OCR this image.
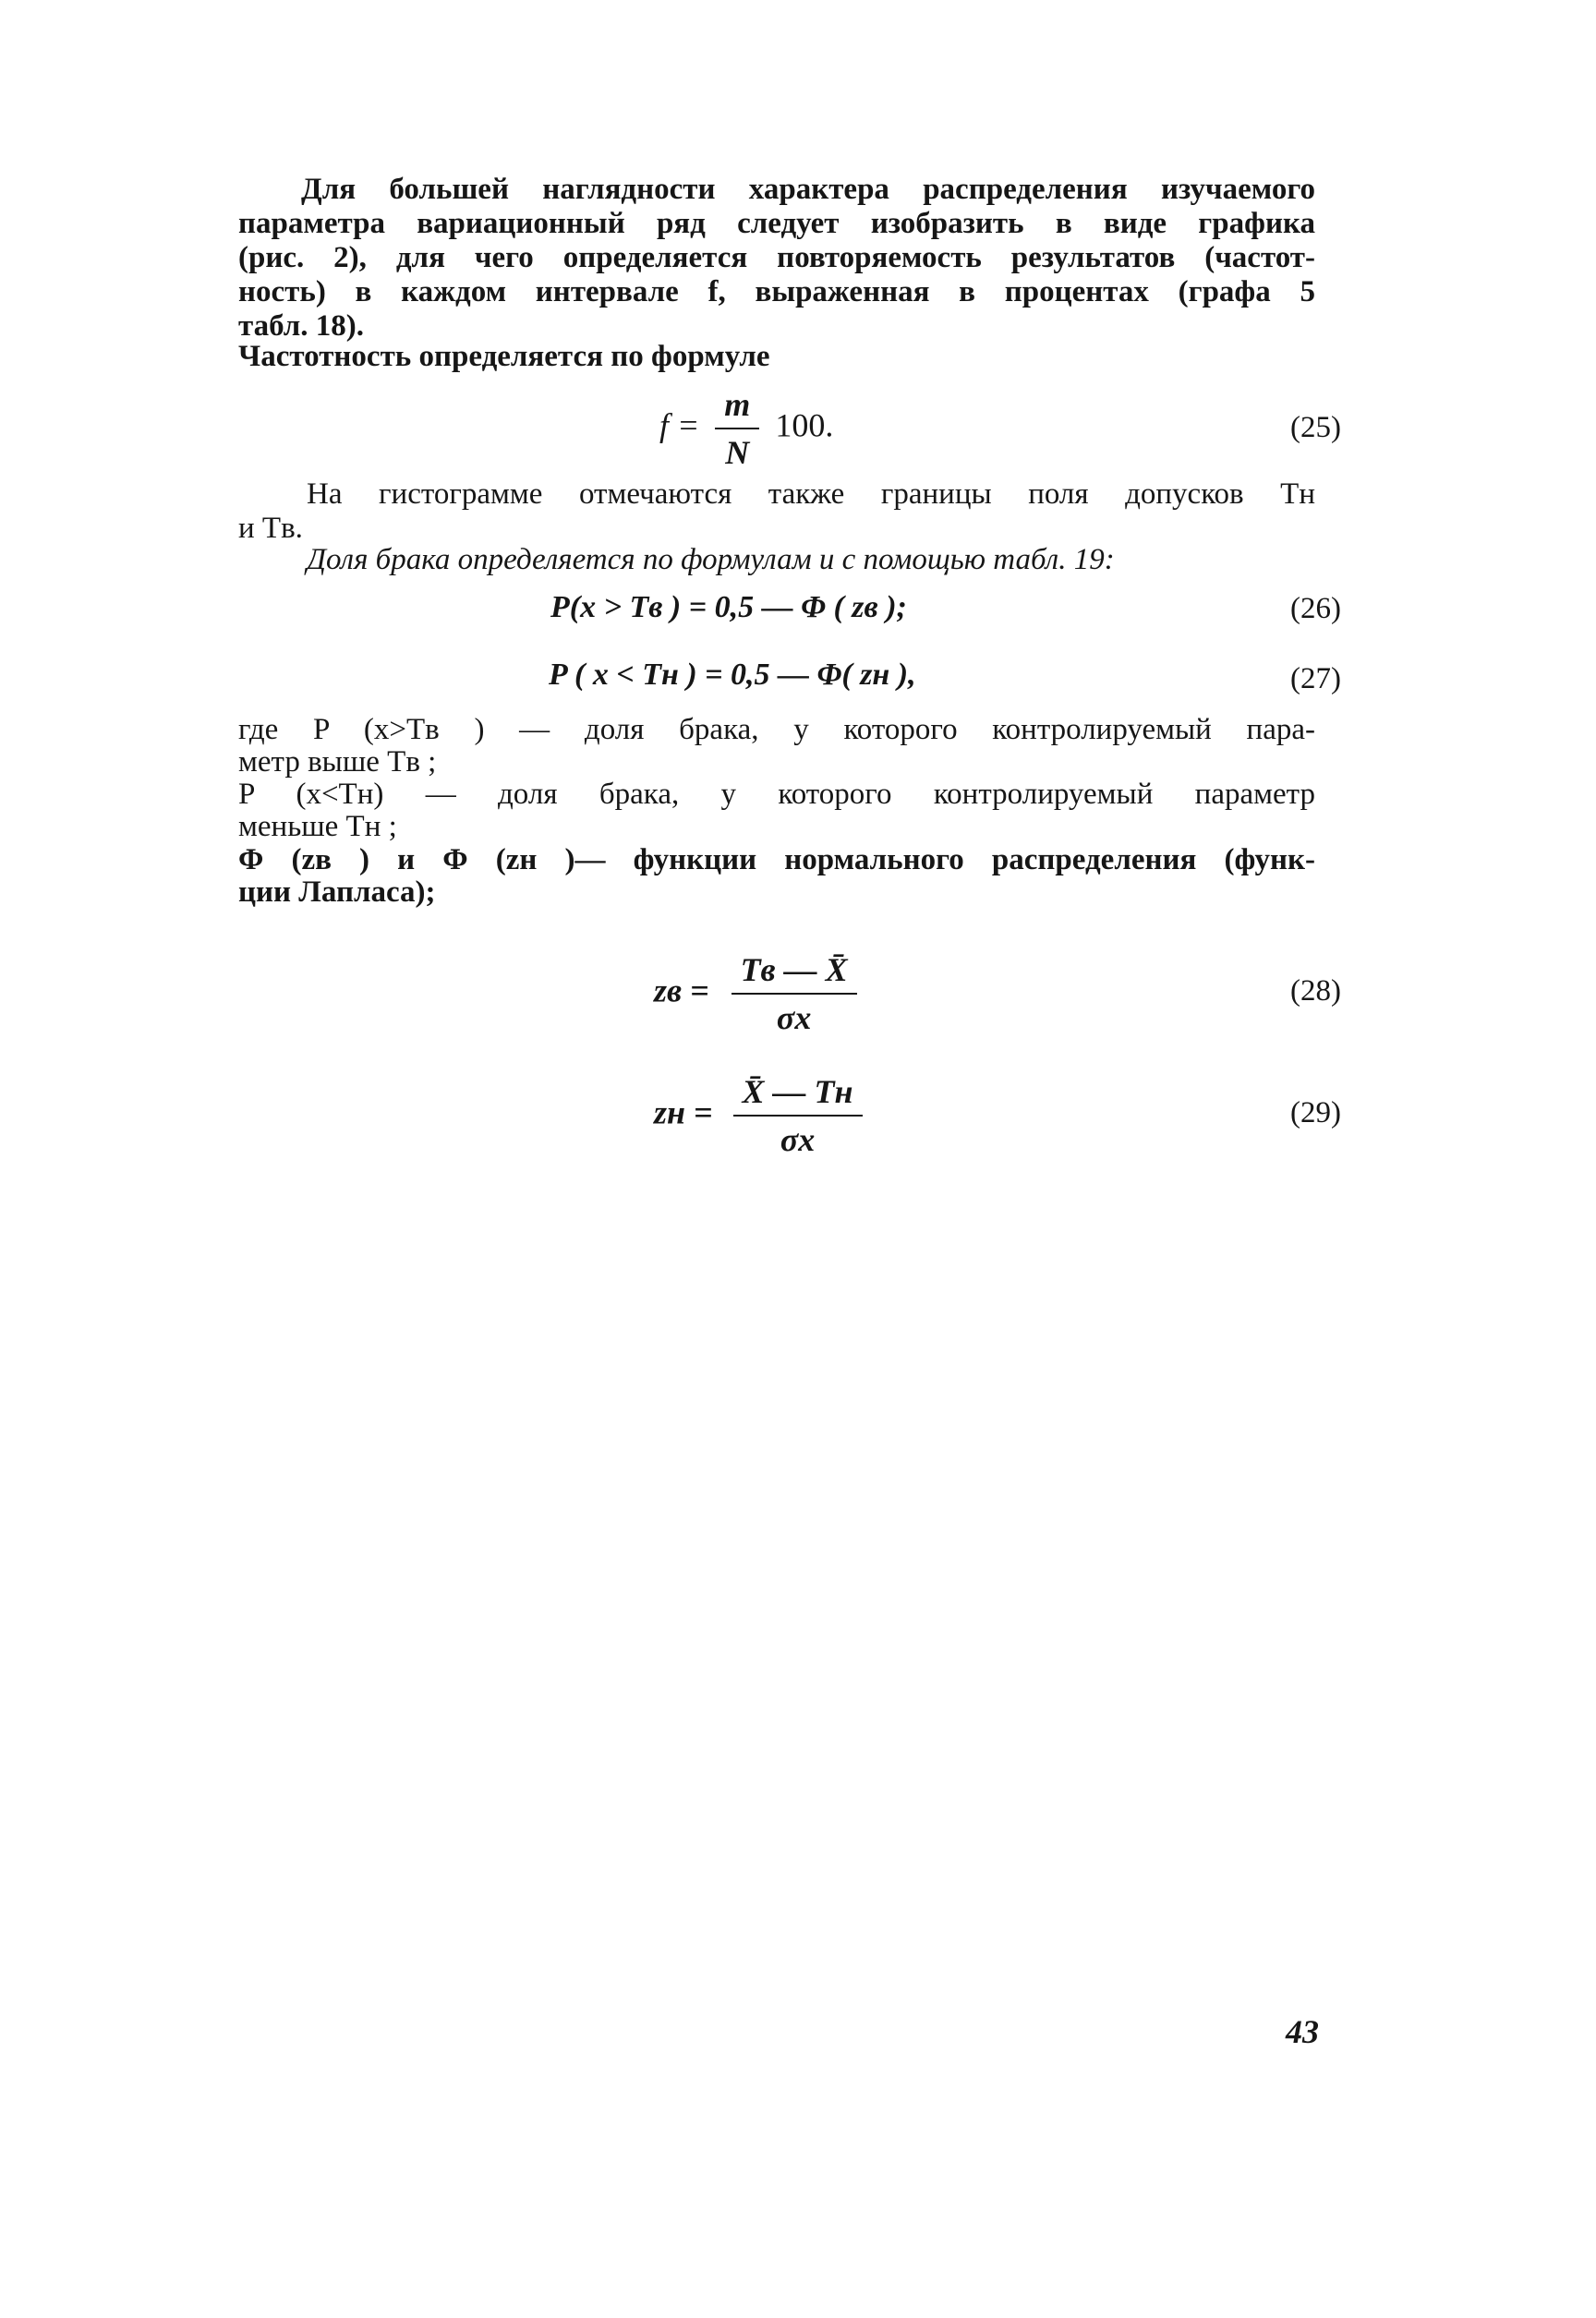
Для большей наглядности характера распределения изучаемого
параметра вариационный ряд следует изобразить в виде графика
(рис. 2), для чего определяется повторяемость результатов (частот-
ность) в каждом интервале f, выраженная в процентах (графа 5
табл. 18).
Частотность определяется по формуле
$f = \frac{m}{N} 100$.	(25)
На гистограмме отмечаются также границы поля допусков Tн
и Tв.
Доля брака определяется по формулам и с помощью табл. 19:
P(x > Tв ) = 0,5 — Φ ( zв );	(26)
P ( x < Tн ) = 0,5 — Φ( zн ),	(27)
где P (x>Tв ) — доля брака, у которого контролируемый пара-
метр выше Tв ;
P (x<Tн) — доля брака, у которого контролируемый параметр
меньше Tн ;
Φ (zв ) и Φ (zн )— функции нормального распределения (функ-
ции Лапласа);
zв = $\frac{Tв — X̄}{\sigma x}$	(28)
zн = $\frac{X̄ — Tн}{\sigma x}$	(29)
43
